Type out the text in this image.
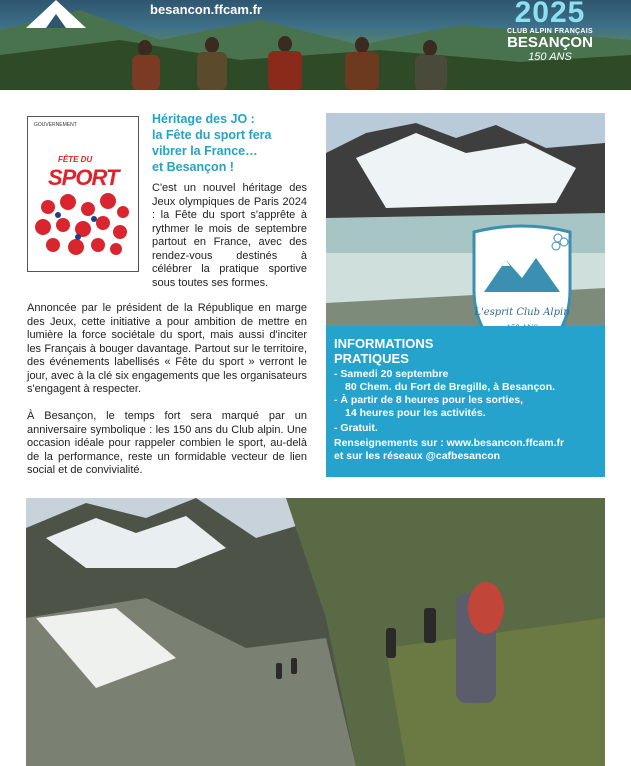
besancon.ffcam.fr	2025
CLUB ALPIN FRANÇAIS
BESANÇON
150 ANS
GOUVERNEMENT
FÊTE DU
SPORT
Héritage des JO :
la Fête du sport fera
vibrer la France…
et Besançon !
C'est un nouvel héritage des Jeux olympiques de Paris 2024 : la Fête du sport s'apprête à rythmer le mois de septembre partout en France, avec des rendez-vous destinés à célébrer la pratique sportive sous toutes ses formes.
Annoncée par le président de la République en marge des Jeux, cette initiative a pour ambition de mettre en lumière la force sociétale du sport, mais aussi d'inciter les Français à bouger davantage. Partout sur le territoire, des événements labellisés « Fête du sport » verront le jour, avec à la clé six engagements que les organisateurs s'engagent à respecter.
À Besançon, le temps fort sera marqué par un anniversaire symbolique : les 150 ans du Club alpin. Une occasion idéale pour rappeler combien le sport, au-delà de la performance, reste un formidable vecteur de lien social et de convivialité.
L'esprit Club Alpin
INFORMATIONS PRATIQUES
- Samedi 20 septembre
80 Chem. du Fort de Bregille, à Besançon.
- À partir de 8 heures pour les sorties,
14 heures pour les activités.
- Gratuit.
Renseignements sur : www.besancon.ffcam.fr
et sur les réseaux @cafbesancon
